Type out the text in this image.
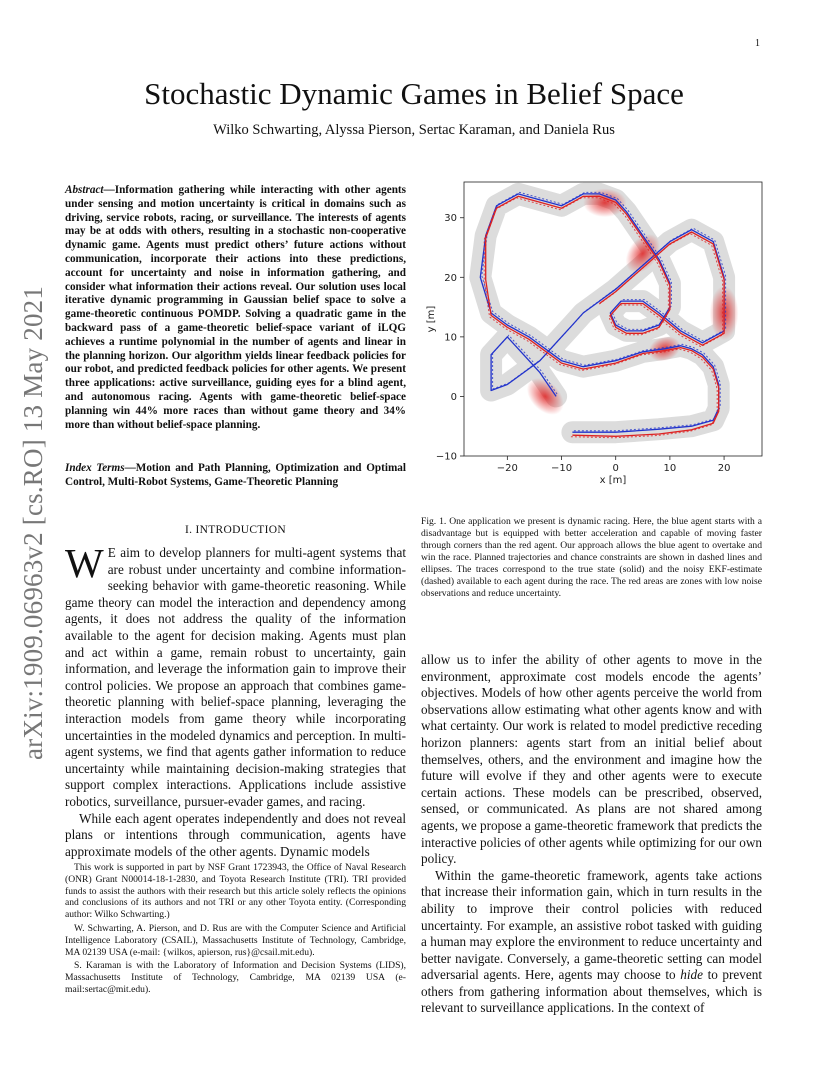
1
Stochastic Dynamic Games in Belief Space
Wilko Schwarting, Alyssa Pierson, Sertac Karaman, and Daniela Rus
arXiv:1909.06963v2 [cs.RO] 13 May 2021
Abstract—Information gathering while interacting with other agents under sensing and motion uncertainty is critical in domains such as driving, service robots, racing, or surveillance. The interests of agents may be at odds with others, resulting in a stochastic non-cooperative dynamic game. Agents must predict others’ future actions without communication, incorporate their actions into these predictions, account for uncertainty and noise in information gathering, and consider what information their actions reveal. Our solution uses local iterative dynamic programming in Gaussian belief space to solve a game-theoretic continuous POMDP. Solving a quadratic game in the backward pass of a game-theoretic belief-space variant of iLQG achieves a runtime polynomial in the number of agents and linear in the planning horizon. Our algorithm yields linear feedback policies for our robot, and predicted feedback policies for other agents. We present three applications: active surveillance, guiding eyes for a blind agent, and autonomous racing. Agents with game-theoretic belief-space planning win 44% more races than without game theory and 34% more than without belief-space planning.
Index Terms—Motion and Path Planning, Optimization and Optimal Control, Multi-Robot Systems, Game-Theoretic Planning
I. INTRODUCTION

W E aim to develop planners for multi-agent systems that are robust under uncertainty and combine information-seeking behavior with game-theoretic reasoning. While game theory can model the interaction and dependency among agents, it does not address the quality of the information available to the agent for decision making. Agents must plan and act within a game, remain robust to uncertainty, gain information, and leverage the information gain to improve their control policies. We propose an approach that combines game-theoretic planning with belief-space planning, leveraging the interaction models from game theory while incorporating uncertainties in the modeled dynamics and perception. In multi-agent systems, we find that agents gather information to reduce uncertainty while maintaining decision-making strategies that support complex interactions. Applications include assistive robotics, surveillance, pursuer-evader games, and racing.

While each agent operates independently and does not reveal plans or intentions through communication, agents have approximate models of the other agents. Dynamic models

This work is supported in part by NSF Grant 1723943, the Office of Naval Research (ONR) Grant N00014-18-1-2830, and Toyota Research Institute (TRI). TRI provided funds to assist the authors with their research but this article solely reflects the opinions and conclusions of its authors and not TRI or any other Toyota entity. (Corresponding author: Wilko Schwarting.)

W. Schwarting, A. Pierson, and D. Rus are with the Computer Science and Artificial Intelligence Laboratory (CSAIL), Massachusetts Institute of Technology, Cambridge, MA 02139 USA (e-mail: {wilkos, apierson, rus}@csail.mit.edu).

S. Karaman is with the Laboratory of Information and Decision Systems (LIDS), Massachusetts Institute of Technology, Cambridge, MA 02139 USA (e-mail:sertac@mit.edu).

−20	−10	0	10	20
−10
0
10
20
30
x [m]
y [m]
Fig. 1. One application we present is dynamic racing. Here, the blue agent starts with a disadvantage but is equipped with better acceleration and capable of moving faster through corners than the red agent. Our approach allows the blue agent to overtake and win the race. Planned trajectories and chance constraints are shown in dashed lines and ellipses. The traces correspond to the true state (solid) and the noisy EKF-estimate (dashed) available to each agent during the race. The red areas are zones with low noise observations and reduce uncertainty.

allow us to infer the ability of other agents to move in the environment, approximate cost models encode the agents’ objectives. Models of how other agents perceive the world from observations allow estimating what other agents know and with what certainty. Our work is related to model predictive receding horizon planners: agents start from an initial belief about themselves, others, and the environment and imagine how the future will evolve if they and other agents were to execute certain actions. These models can be prescribed, observed, sensed, or communicated. As plans are not shared among agents, we propose a game-theoretic framework that predicts the interactive policies of other agents while optimizing for our own policy.

Within the game-theoretic framework, agents take actions that increase their information gain, which in turn results in the ability to improve their control policies with reduced uncertainty. For example, an assistive robot tasked with guiding a human may explore the environment to reduce uncertainty and better navigate. Conversely, a game-theoretic setting can model adversarial agents. Here, agents may choose to hide to prevent others from gathering information about themselves, which is relevant to surveillance applications. In the context of
